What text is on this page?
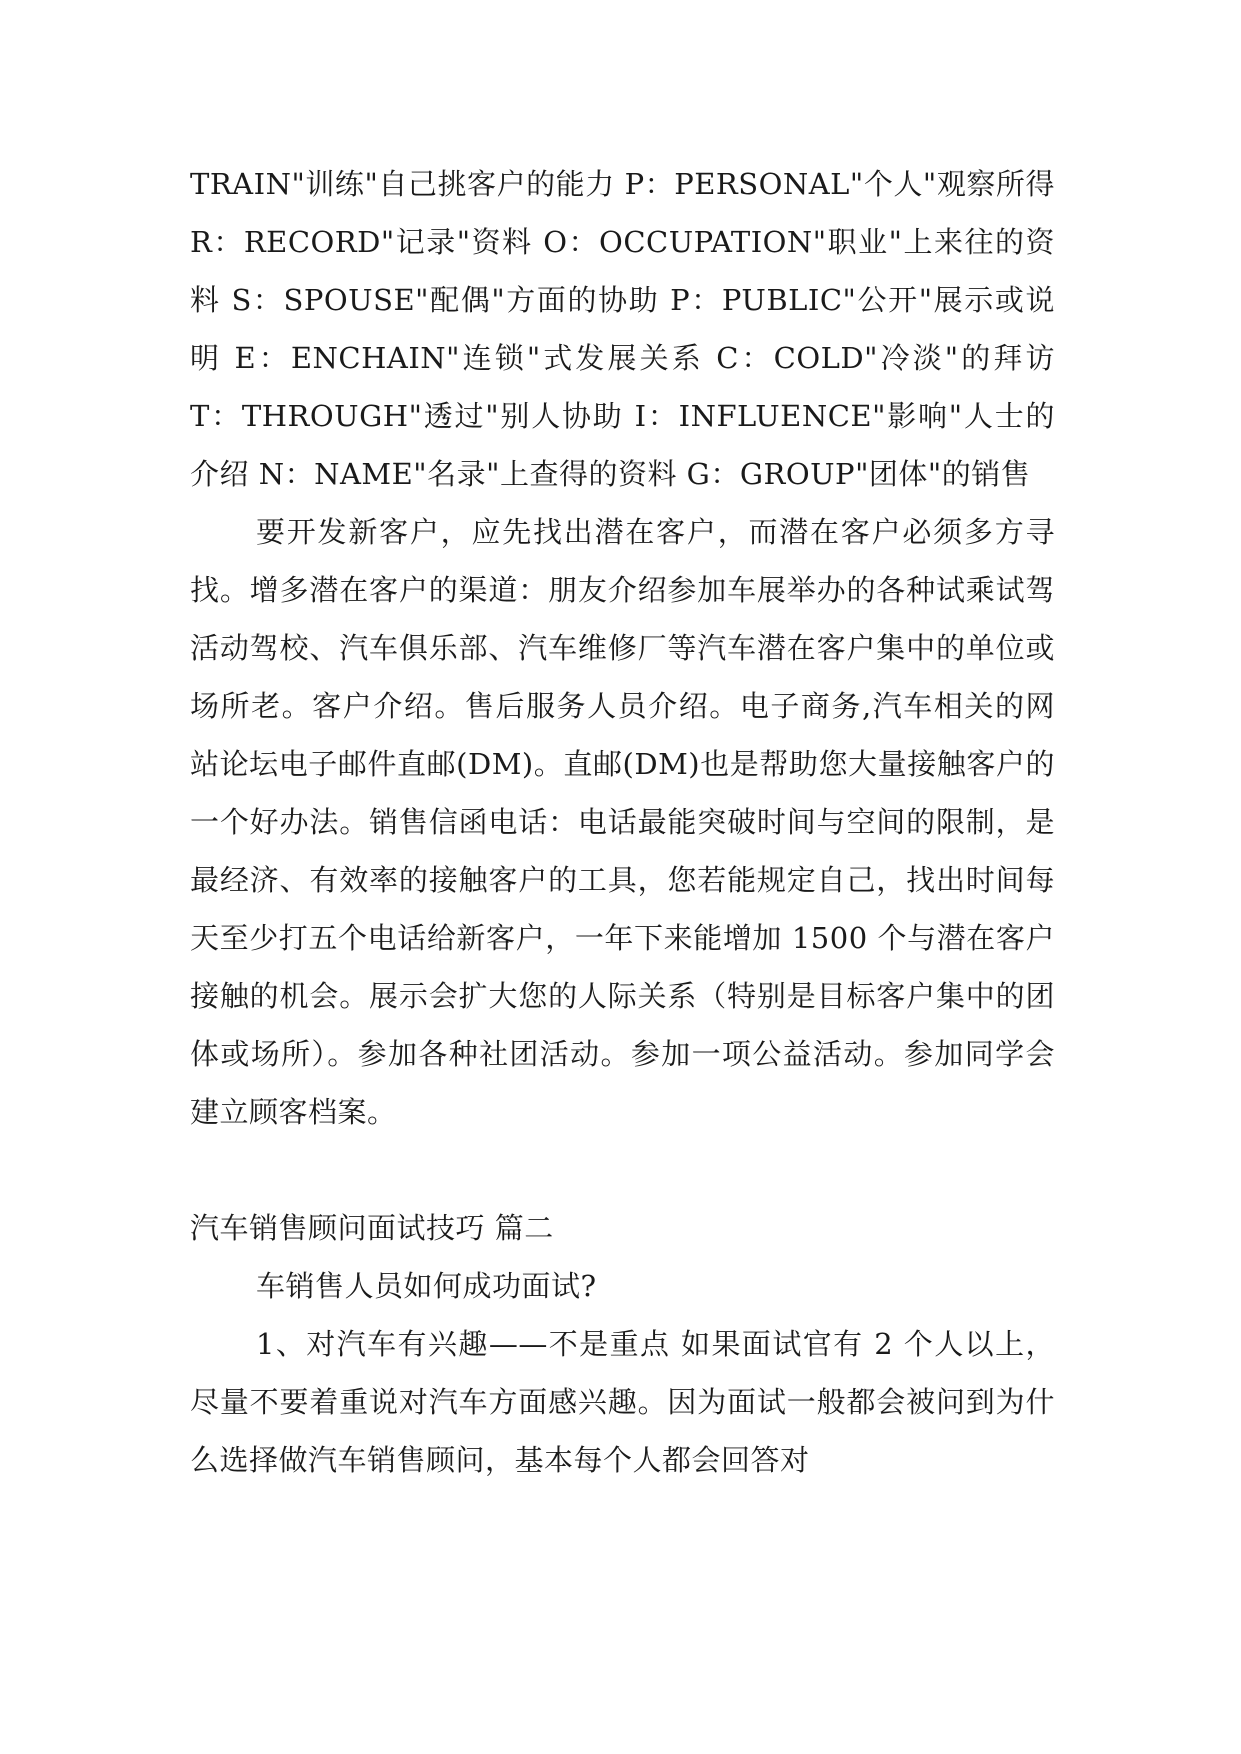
TRAIN"训练"自己挑客户的能力 P：PERSONAL"个人"观察所得 R：RECORD"记录"资料 O：OCCUPATION"职业"上来往的资料 S：SPOUSE"配偶"方面的协助 P：PUBLIC"公开"展示或说明 E：ENCHAIN"连锁"式发展关系 C：COLD"冷淡"的拜访 T：THROUGH"透过"别人协助 I：INFLUENCE"影响"人士的介绍 N：NAME"名录"上查得的资料 G：GROUP"团体"的销售

要开发新客户，应先找出潜在客户，而潜在客户必须多方寻找。增多潜在客户的渠道：朋友介绍参加车展举办的各种试乘试驾活动驾校、汽车俱乐部、汽车维修厂等汽车潜在客户集中的单位或场所老。客户介绍。售后服务人员介绍。电子商务,汽车相关的网站论坛电子邮件直邮(DM)。直邮(DM)也是帮助您大量接触客户的一个好办法。销售信函电话：电话最能突破时间与空间的限制，是最经济、有效率的接触客户的工具，您若能规定自己，找出时间每天至少打五个电话给新客户，一年下来能增加 1500 个与潜在客户接触的机会。展示会扩大您的人际关系（特别是目标客户集中的团体或场所）。参加各种社团活动。参加一项公益活动。参加同学会建立顾客档案。

汽车销售顾问面试技巧 篇二

车销售人员如何成功面试?

1、对汽车有兴趣——不是重点 如果面试官有 2 个人以上，尽量不要着重说对汽车方面感兴趣。因为面试一般都会被问到为什么选择做汽车销售顾问，基本每个人都会回答对
